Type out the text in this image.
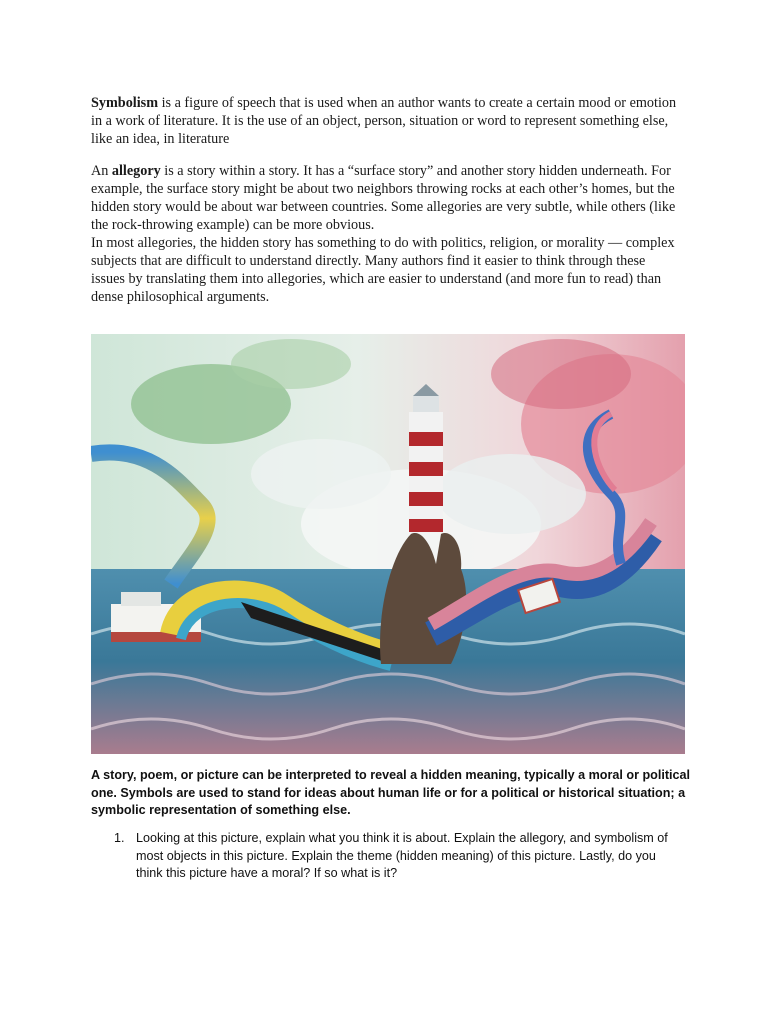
Symbolism is a figure of speech that is used when an author wants to create a certain mood or emotion in a work of literature. It is the use of an object, person, situation or word to represent something else, like an idea, in literature

An allegory is a story within a story. It has a “surface story” and another story hidden underneath. For example, the surface story might be about two neighbors throwing rocks at each other’s homes, but the hidden story would be about war between countries. Some allegories are very subtle, while others (like the rock-throwing example) can be more obvious.

In most allegories, the hidden story has something to do with politics, religion, or morality — complex subjects that are difficult to understand directly. Many authors find it easier to think through these issues by translating them into allegories, which are easier to understand (and more fun to read) than dense philosophical arguments.

A story, poem, or picture can be interpreted to reveal a hidden meaning, typically a moral or political one. Symbols are used to stand for ideas about human life or for a political or historical situation; a symbolic representation of something else.
1. Looking at this picture, explain what you think it is about. Explain the allegory, and symbolism of most objects in this picture. Explain the theme (hidden meaning) of this picture. Lastly, do you think this picture have a moral? If so what is it?
